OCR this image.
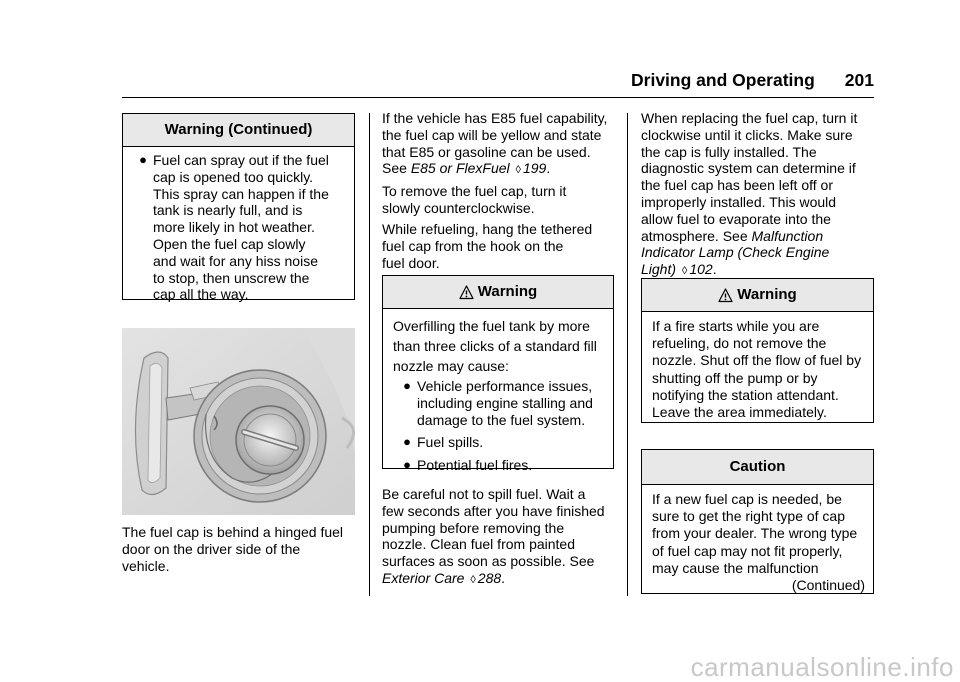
Driving and Operating 201
Warning (Continued)
● Fuel can spray out if the fuel
cap is opened too quickly.
This spray can happen if the
tank is nearly full, and is
more likely in hot weather.
Open the fuel cap slowly
and wait for any hiss noise
to stop, then unscrew the
cap all the way.

The fuel cap is behind a hinged fuel
door on the driver side of the
vehicle.

If the vehicle has E85 fuel capability,
the fuel cap will be yellow and state
that E85 or gasoline can be used.
See E85 or FlexFuel ◊ 199.

To remove the fuel cap, turn it
slowly counterclockwise.

While refueling, hang the tethered
fuel cap from the hook on the
fuel door.

Warning

Overfilling the fuel tank by more
than three clicks of a standard fill
nozzle may cause:

● Vehicle performance issues,
including engine stalling and
damage to the fuel system.
● Fuel spills.
● Potential fuel fires.

Be careful not to spill fuel. Wait a
few seconds after you have finished
pumping before removing the
nozzle. Clean fuel from painted
surfaces as soon as possible. See
Exterior Care ◊ 288.

When replacing the fuel cap, turn it
clockwise until it clicks. Make sure
the cap is fully installed. The
diagnostic system can determine if
the fuel cap has been left off or
improperly installed. This would
allow fuel to evaporate into the
atmosphere. See Malfunction
Indicator Lamp (Check Engine
Light) ◊ 102.

Warning

If a fire starts while you are
refueling, do not remove the
nozzle. Shut off the flow of fuel by
shutting off the pump or by
notifying the station attendant.
Leave the area immediately.

Caution

If a new fuel cap is needed, be
sure to get the right type of cap
from your dealer. The wrong type
of fuel cap may not fit properly,
may cause the malfunction

(Continued)
carmanualsonline.info
